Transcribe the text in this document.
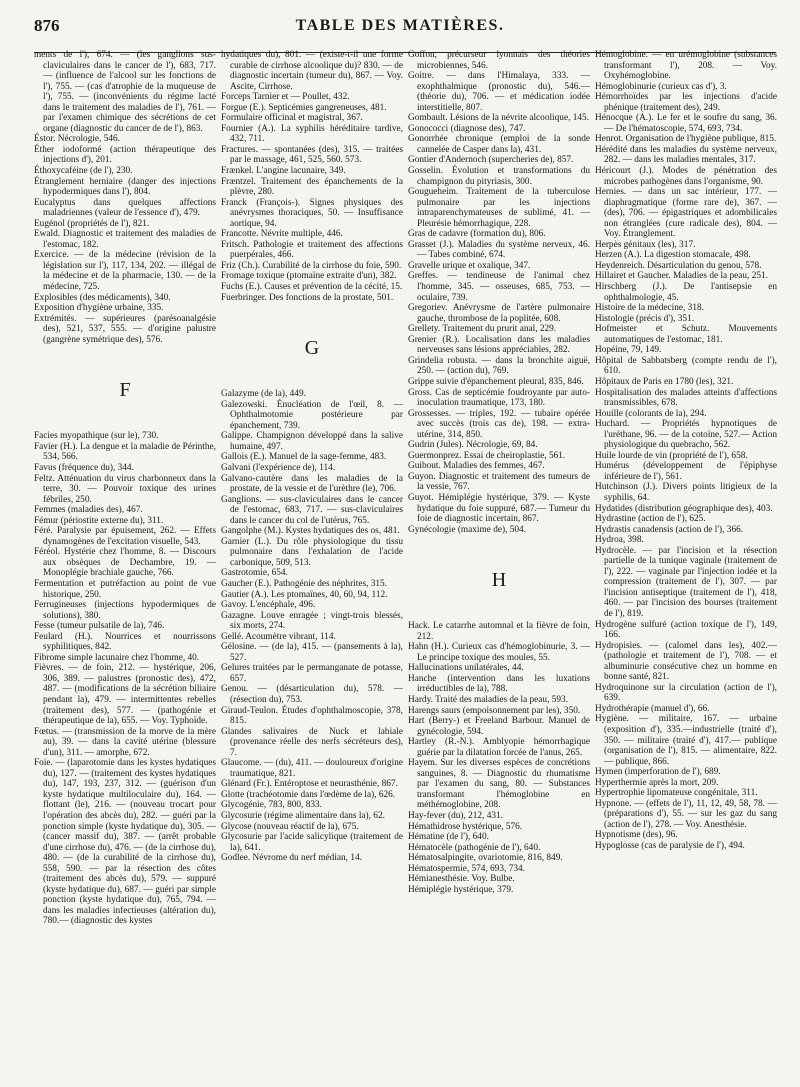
876	TABLE DES MATIÈRES.

ments de l'), 674. — (les ganglions sus-claviculaires dans le cancer de l'), 683, 717. — (influence de l'alcool sur les fonctions de l'), 755. — (cas d'atrophie de la muqueuse de l'), 755. — (inconvénients du régime lacté dans le traitement des maladies de l'), 761. — par l'examen chimique des sécrétions de cet organe (diagnostic du cancer de de l'), 863.

Éstor. Nécrologie, 546.

Éther iodoformé (action thérapeutique des injections d'), 201.

Éthoxycaféine (de l'), 230.

Étranglement herniaire (danger des injections hypodermiques dans l'), 804.

Eucalyptus dans quelques affections maladriennes (valeur de l'essence d'), 479.

Eugénol (propriétés de l'), 821.

Ewald. Diagnostic et traitement des maladies de l'estomac, 182.

Exercice. — de la médecine (révision de la législation sur l'), 117, 134, 202. — illégal de la médecine et de la pharmacie, 130. — de la médecine, 725.

Explosibles (des médicaments), 340.

Exposition d'hygiène urbaine, 335.

Extrémités. — supérieures (parésoanalgésie des), 521, 537, 555. — d'origine palustre (gangrène symétrique des), 576.

F

Facies myopathique (sur le), 730.

Favier (H.). La dengue et la maladie de Périnthe, 534, 566.

Favus (fréquence du), 344.

Feltz. Atténuation du virus charbonneux dans la terre, 30. — Pouvoir toxique des urines fébriles, 250.

Femmes (maladies des), 467.

Fémur (périostite externe du), 311.

Féré. Paralysie par épuisement, 262. — Effets dynamogènes de l'excitation visuelle, 543.

Féréol. Hystérie chez l'homme, 8. — Discours aux obsèques de Dechambre, 19. — Monoplégie brachiale gauche, 766.

Fermentation et putréfaction au point de vue historique, 250.

Ferrugineuses (injections hypodermiques de solutions), 380.

Fesse (tumeur pulsatile de la), 746.

Feulard (H.). Nourrices et nourrissons syphilitiques, 842.

Fibrome simple lacunaire chez l'homme, 40.

Fièvres. — de foin, 212. — hystérique, 206, 306, 389. — palustres (pronostic des), 472, 487. — (modifications de la sécrétion biliaire pendant la), 479. — intermittentes rebelles (traitement des), 577. — (pathogénie et thérapeutique de la), 655. — Voy. Typhoïde.

Fœtus. — (transmission de la morve de la mère au), 39. — dans la cavité utérine (blessure d'un), 311. — amorphe, 672.

Foie. — (laparotomie dans les kystes hydatiques du), 127. — (traitement des kystes hydatiques du), 147, 193, 237, 312. — (guérison d'un kyste hydatique multiloculaire du), 164. — flottant (le), 216. — (nouveau trocart pour l'opération des abcès du), 282. — guéri par la ponction simple (kyste hydatique du), 305. — (cancer massif du), 387. — (arrêt probable d'une cirrhose du), 476. — (de la cirrhose du), 480. — (de la curabilité de la cirrhose du), 558, 590. — par la résection des côtes (traitement des abcès du), 579. — suppuré (kyste hydatique du), 687. — guéri par simple ponction (kyste hydatique du), 765, 794. — dans les maladies infectieuses (altération du), 780.— (diagnostic des kystes

hydatiques du), 801. — (existe-t-il une forme curable de cirrhose alcoolique du)? 830. — de diagnostic incertain (tumeur du), 867. — Voy. Ascite, Cirrhose.

Forceps Tarnier et — Poullet, 432.

Forgue (E.). Septicémies gangreneuses, 481.

Formulaire officinal et magistral, 367.

Fournier (A.). La syphilis héréditaire tardive, 432, 711.

Fractures. — spontanées (des), 315. — traitées par le massage, 461, 525, 560. 573.

Frænkel. L'angine lacunaire, 349.

Fræntzel. Traitement des épanchements de la plèvre, 280.

Franck (François-). Signes physiques des anévrysmes thoraciques, 50. — Insuffisance aortique, 94.

Francotte. Névrite multiple, 446.

Fritsch. Pathologie et traitement des affections puerpérales, 466.

Friz (Ch.). Curabilité de la cirrhose du foie, 590.

Fromage toxique (ptomaïne extraite d'un), 382.

Fuchs (E.). Causes et prévention de la cécité, 15.

Fuerbringer. Des fonctions de la prostate, 501.

G

Galazyme (de la), 449.

Galezowski. Énucléation de l'œil, 8. — Ophthalmotomie postérieure par épanchement, 739.

Galippe. Champignon développé dans la salive humaine, 497.

Gallois (E.). Manuel de la sage-femme, 483.

Galvani (l'expérience de), 114.

Galvano-cautère dans les maladies de la prostate, de la vessie et de l'urèthre (le), 706.

Ganglions. — sus-claviculaires dans le cancer de l'estomac, 683, 717. — sus-claviculaires dans le cancer du col de l'utérus, 765.

Gangolphe (M.). Kystes hydatiques des os, 481.

Garnier (L.). Du rôle physiologique du tissu pulmonaire dans l'exhalation de l'acide carbonique, 509, 513.

Gastrotomie, 654.

Gaucher (E.). Pathogénie des néphrites, 315.

Gautier (A.). Les ptomaïnes, 40, 60, 94, 112.

Gavoy. L'encéphale, 496.

Gazagne. Louve enragée ; vingt-trois blessés, six morts, 274.

Gellé. Acoumètre vibrant, 114.

Gélosine. — (de la), 415. — (pansements à la), 527.

Gelures traitées par le permanganate de potasse, 657.

Genou. — (désarticulation du), 578. — (résection du), 753.

Giraud-Teulon. Études d'ophthalmoscopie, 378, 815.

Glandes salivaires de Nuck et labiale (provenance réelle des nerfs sécréteurs des), 7.

Glaucome. — (du), 411. — douloureux d'origine traumatique, 821.

Glénard (Fr.). Entéroptose et neurasthénie, 867.

Glotte (trachéotomie dans l'œdème de la), 626.

Glycogénie, 783, 800, 833.

Glycosurie (régime alimentaire dans la), 62.

Glycose (nouveau réactif de la), 675.

Glycosurie par l'acide salicylique (traitement de la), 641.

Godlee. Névrome du nerf médian, 14.

Goffon, précurseur lyonnais des théories microbiennes, 546.

Goitre. — dans l'Himalaya, 333. — exophthalmique (pronostic du), 546.— (théorie du), 706. — et médication iodée interstitielle, 807.

Gombault. Lésions de la névrite alcoolique, 145.

Gonococci (diagnose des), 747.

Gonorrhée chronique (emploi de la sonde cannelée de Casper dans la), 431.

Gontier d'Andernoch (supercheries de), 857.

Gosselin. Évolution et transformations du champignon du pityriasis, 300.

Gougueheim. Traitement de la tuberculose pulmonaire par les injections intraparenchymateuses de sublimé, 41. — Pleurésie hémorrhagique, 228.

Gras de cadavre (formation du), 806.

Grasset (J.). Maladies du système nerveux, 46. — Tabes combiné, 674.

Gravelle urique et oxalique, 347.

Greffes. — tendineuse de l'animal chez l'homme, 345. — osseuses, 685, 753. — oculaire, 739.

Gregoriev. Anévrysme de l'artère pulmonaire gauche, thrombose de la poplitée, 608.

Grellety. Traitement du prurit anal, 229.

Grenier (R.). Localisation dans les maladies nerveuses sans lésions appréciables, 282.

Grindelia robusta. — dans la bronchite aiguë, 250. — (action du), 769.

Grippe suivie d'épanchement pleural, 835, 846.

Gross. Cas de septicémie foudroyante par auto-inoculation traumatique, 173, 180.

Grossesses. — triples, 192. — tubaire opérée avec succès (trois cas de), 198. — extra-utérine, 314, 850.

Gudrin (Jules). Nécrologie, 69, 84.

Guermonprez. Essai de cheiroplastie, 561.

Guibout. Maladies des femmes, 467.

Guyon. Diagnostic et traitement des tumeurs de la vessie, 767.

Guyot. Hémiplégie hystérique, 379. — Kyste hydatique du foie suppuré, 687.— Tumeur du foie de diagnostic incertain, 867.

Gynécologie (maxime de), 504.

H

Hack. Le catarrhe automnal et la fièvre de foin, 212.

Hahn (H.). Curieux cas d'hémoglobinurie, 3. — Le principe toxique des moules, 55.

Hallucinations unilatérales, 44.

Hanche (intervention dans les luxations irréductibles de la), 788.

Hardy. Traité des maladies de la peau, 593.

Harengs saurs (empoisonnement par les), 350.

Hart (Berry-) et Freeland Barbour. Manuel de gynécologie, 594.

Hartley (R.-N.). Amblyopie hémorrhagique guérie par la dilatation forcée de l'anus, 265.

Hayem. Sur les diverses espèces de concrétions sanguines, 8. — Diagnostic du rhumatisme par l'examen du sang, 80. — Substances transformant l'hémoglobine en méthémoglobine, 208.

Hay-fever (du), 212, 431.

Hémathidrose hystérique, 576.

Hématine (de l'), 640.

Hématocèle (pathogénie de l'), 640.

Hématosalpingite, ovariotomie, 816, 849.

Hématospermie, 574, 693, 734.

Hémianesthésie. Voy. Bulbe.

Hémiplégie hystérique, 379.

Hémoglobine. — en urémoglobine (substances transformant l'), 208. — Voy. Oxyhémoglobine.

Hémoglobinurie (curieux cas d'), 3.

Hémorrhoïdes par les injections d'acide phénique (traitement des), 249.

Hénocque (A.). Le fer et le soufre du sang, 36. — De l'hématoscopie, 574, 693, 734.

Henrot. Organisation de l'hygiène publique, 815.

Hérédité dans les maladies du système nerveux, 282. — dans les maladies mentales, 317.

Héricourt (J.). Modes de pénétration des microbes pathogènes dans l'organisme, 90.

Hernies. — dans un sac intérieur, 177. — diaphragmatique (forme rare de), 367. — (des), 706. — épigastriques et adombilicales non étranglées (cure radicale des), 804. — Voy. Étranglement.

Herpès génitaux (les), 317.

Herzen (A.). La digestion stomacale, 498.

Heydenreich. Désarticulation du genou, 578.

Hillairet et Gaucher. Maladies de la peau, 251.

Hirschberg (J.). De l'antisepsie en ophthalmologie, 45.

Histoire de la médecine, 318.

Histologie (précis d'), 351.

Hofmeister et Schutz. Mouvements automatiques de l'estomac, 181.

Hopéine, 79, 149.

Hôpital de Sabbatsberg (compte rendu de l'), 610.

Hôpitaux de Paris en 1780 (les), 321.

Hospitalisation des malades atteints d'affections transmissibles, 678.

Houille (colorants de la), 294.

Huchard. — Propriétés hypnotiques de l'uréthane, 96. — de la cotoïne, 527.— Action physiologique du quebracho, 562.

Huile lourde de vin (propriété de l'), 658.

Humérus (développement de l'épiphyse inférieure de l'), 561.

Hutchinson (J.). Divers points litigieux de la syphilis, 64.

Hydatides (distribution géographique des), 403.

Hydrastine (action de l'), 625.

Hydrastis canadensis (action de l'), 366.

Hydroa, 398.

Hydrocèle. — par l'incision et la résection partielle de la tunique vaginale (traitement de l'), 222. — vaginale par l'injection iodée et la compression (traitement de l'), 307. — par l'incision antiseptique (traitement de l'), 418, 460. — par l'incision des bourses (traitement de l'), 819.

Hydrogène sulfuré (action toxique de l'), 149, 166.

Hydropisies. — (calomel dans les), 402.— (pathologie et traitement de l'), 708. — et albuminurie consécutive chez un homme en bonne santé, 821.

Hydroquinone sur la circulation (action de l'), 639.

Hydrothérapie (manuel d'), 66.

Hygiène. — militaire, 167. — urbaine (exposition d'), 335.—industrielle (traité d'), 350. — militaire (traité d'), 417.— publique (organisation de l'), 815. — alimentaire, 822. — publique, 866.

Hymen (imperforation de l'), 689.

Hyperthermie après la mort, 209.

Hypertrophie lipomateuse congénitale, 311.

Hypnone. — (effets de l'), 11, 12, 49, 58, 78. — (préparations d'), 55. — sur les gaz du sang (action de l'), 278. — Voy. Anesthésie.

Hypnotisme (des), 96.

Hypoglosse (cas de paralysie de l'), 494.
